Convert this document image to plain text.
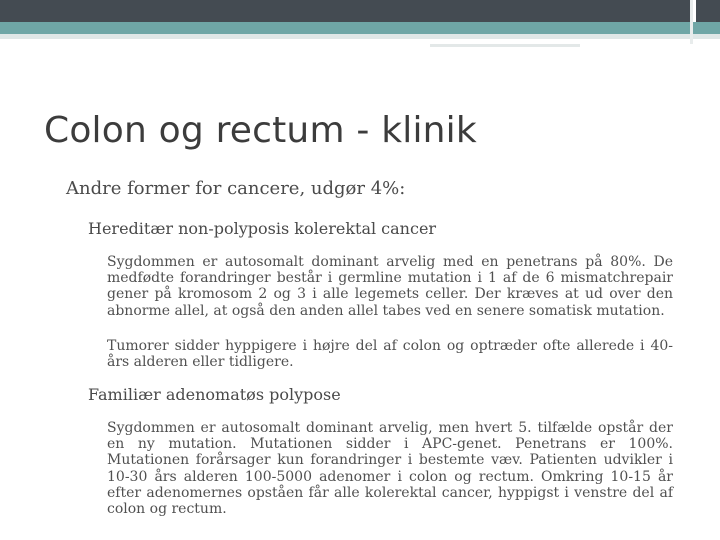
Colon og rectum - klinik
Andre former for cancere, udgør 4%:
Hereditær non-polyposis kolerektal cancer

Sygdommen er autosomalt dominant arvelig med en penetrans på 80%. De medfødte forandringer består i germline mutation i 1 af de 6 mismatchrepair gener på kromosom 2 og 3 i alle legemets celler. Der kræves at ud over den abnorme allel, at også den anden allel tabes ved en senere somatisk mutation.

Tumorer sidder hyppigere i højre del af colon og optræder ofte allerede i 40-års alderen eller tidligere.

Familiær adenomatøs polypose

Sygdommen er autosomalt dominant arvelig, men hvert 5. tilfælde opstår der en ny mutation. Mutationen sidder i APC-genet. Penetrans er 100%. Mutationen forårsager kun forandringer i bestemte væv. Patienten udvikler i 10-30 års alderen 100-5000 adenomer i colon og rectum. Omkring 10-15 år efter adenomernes opståen får alle kolerektal cancer, hyppigst i venstre del af colon og rectum.
